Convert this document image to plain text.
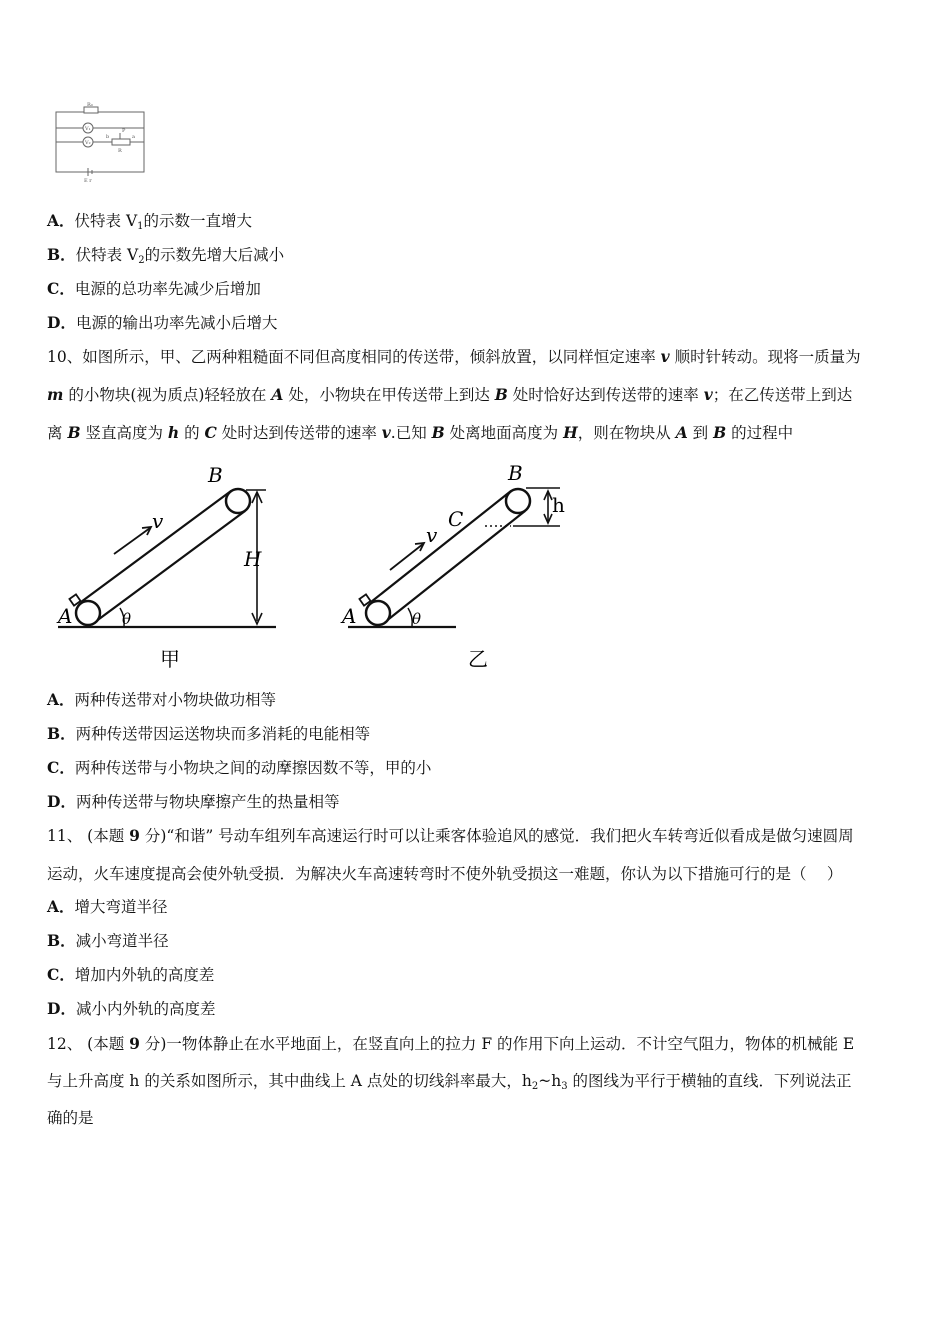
R₀
V₁
V₂
P
a
b
R
E r
A．伏特表 $V_1$的示数一直增大
B．伏特表 $V_2$的示数先增大后减小
C．电源的总功率先减少后增加
D．电源的输出功率先减小后增大
10、如图所示，甲、乙两种粗糙面不同但高度相同的传送带，倾斜放置，以同样恒定速率 v 顺时针转动。现将一质量为
m 的小物块(视为质点)轻轻放在 A 处，小物块在甲传送带上到达 B 处时恰好达到传送带的速率 v；在乙传送带上到达
离 B 竖直高度为 h 的 C 处时达到传送带的速率 v.已知 B 处离地面高度为 H，则在物块从 A 到 B 的过程中
A
B
v
θ
H
甲
A
B
C
v
θ
h
乙
A．两种传送带对小物块做功相等
B．两种传送带因运送物块而多消耗的电能相等
C．两种传送带与小物块之间的动摩擦因数不等，甲的小
D．两种传送带与物块摩擦产生的热量相等
11、 (本题 9 分)“和谐” 号动车组列车高速运行时可以让乘客体验追风的感觉．我们把火车转弯近似看成是做匀速圆周
运动，火车速度提高会使外轨受损．为解决火车高速转弯时不使外轨受损这一难题，你认为以下措施可行的是（　 ）
A．增大弯道半径
B．减小弯道半径
C．增加内外轨的高度差
D．减小内外轨的高度差
12、 (本题 9 分)一物体静止在水平地面上，在竖直向上的拉力 F 的作用下向上运动．不计空气阻力，物体的机械能 E
与上升高度 h 的关系如图所示，其中曲线上 A 点处的切线斜率最大，$h_2\sim h_3$ 的图线为平行于横轴的直线．下列说法正
确的是
